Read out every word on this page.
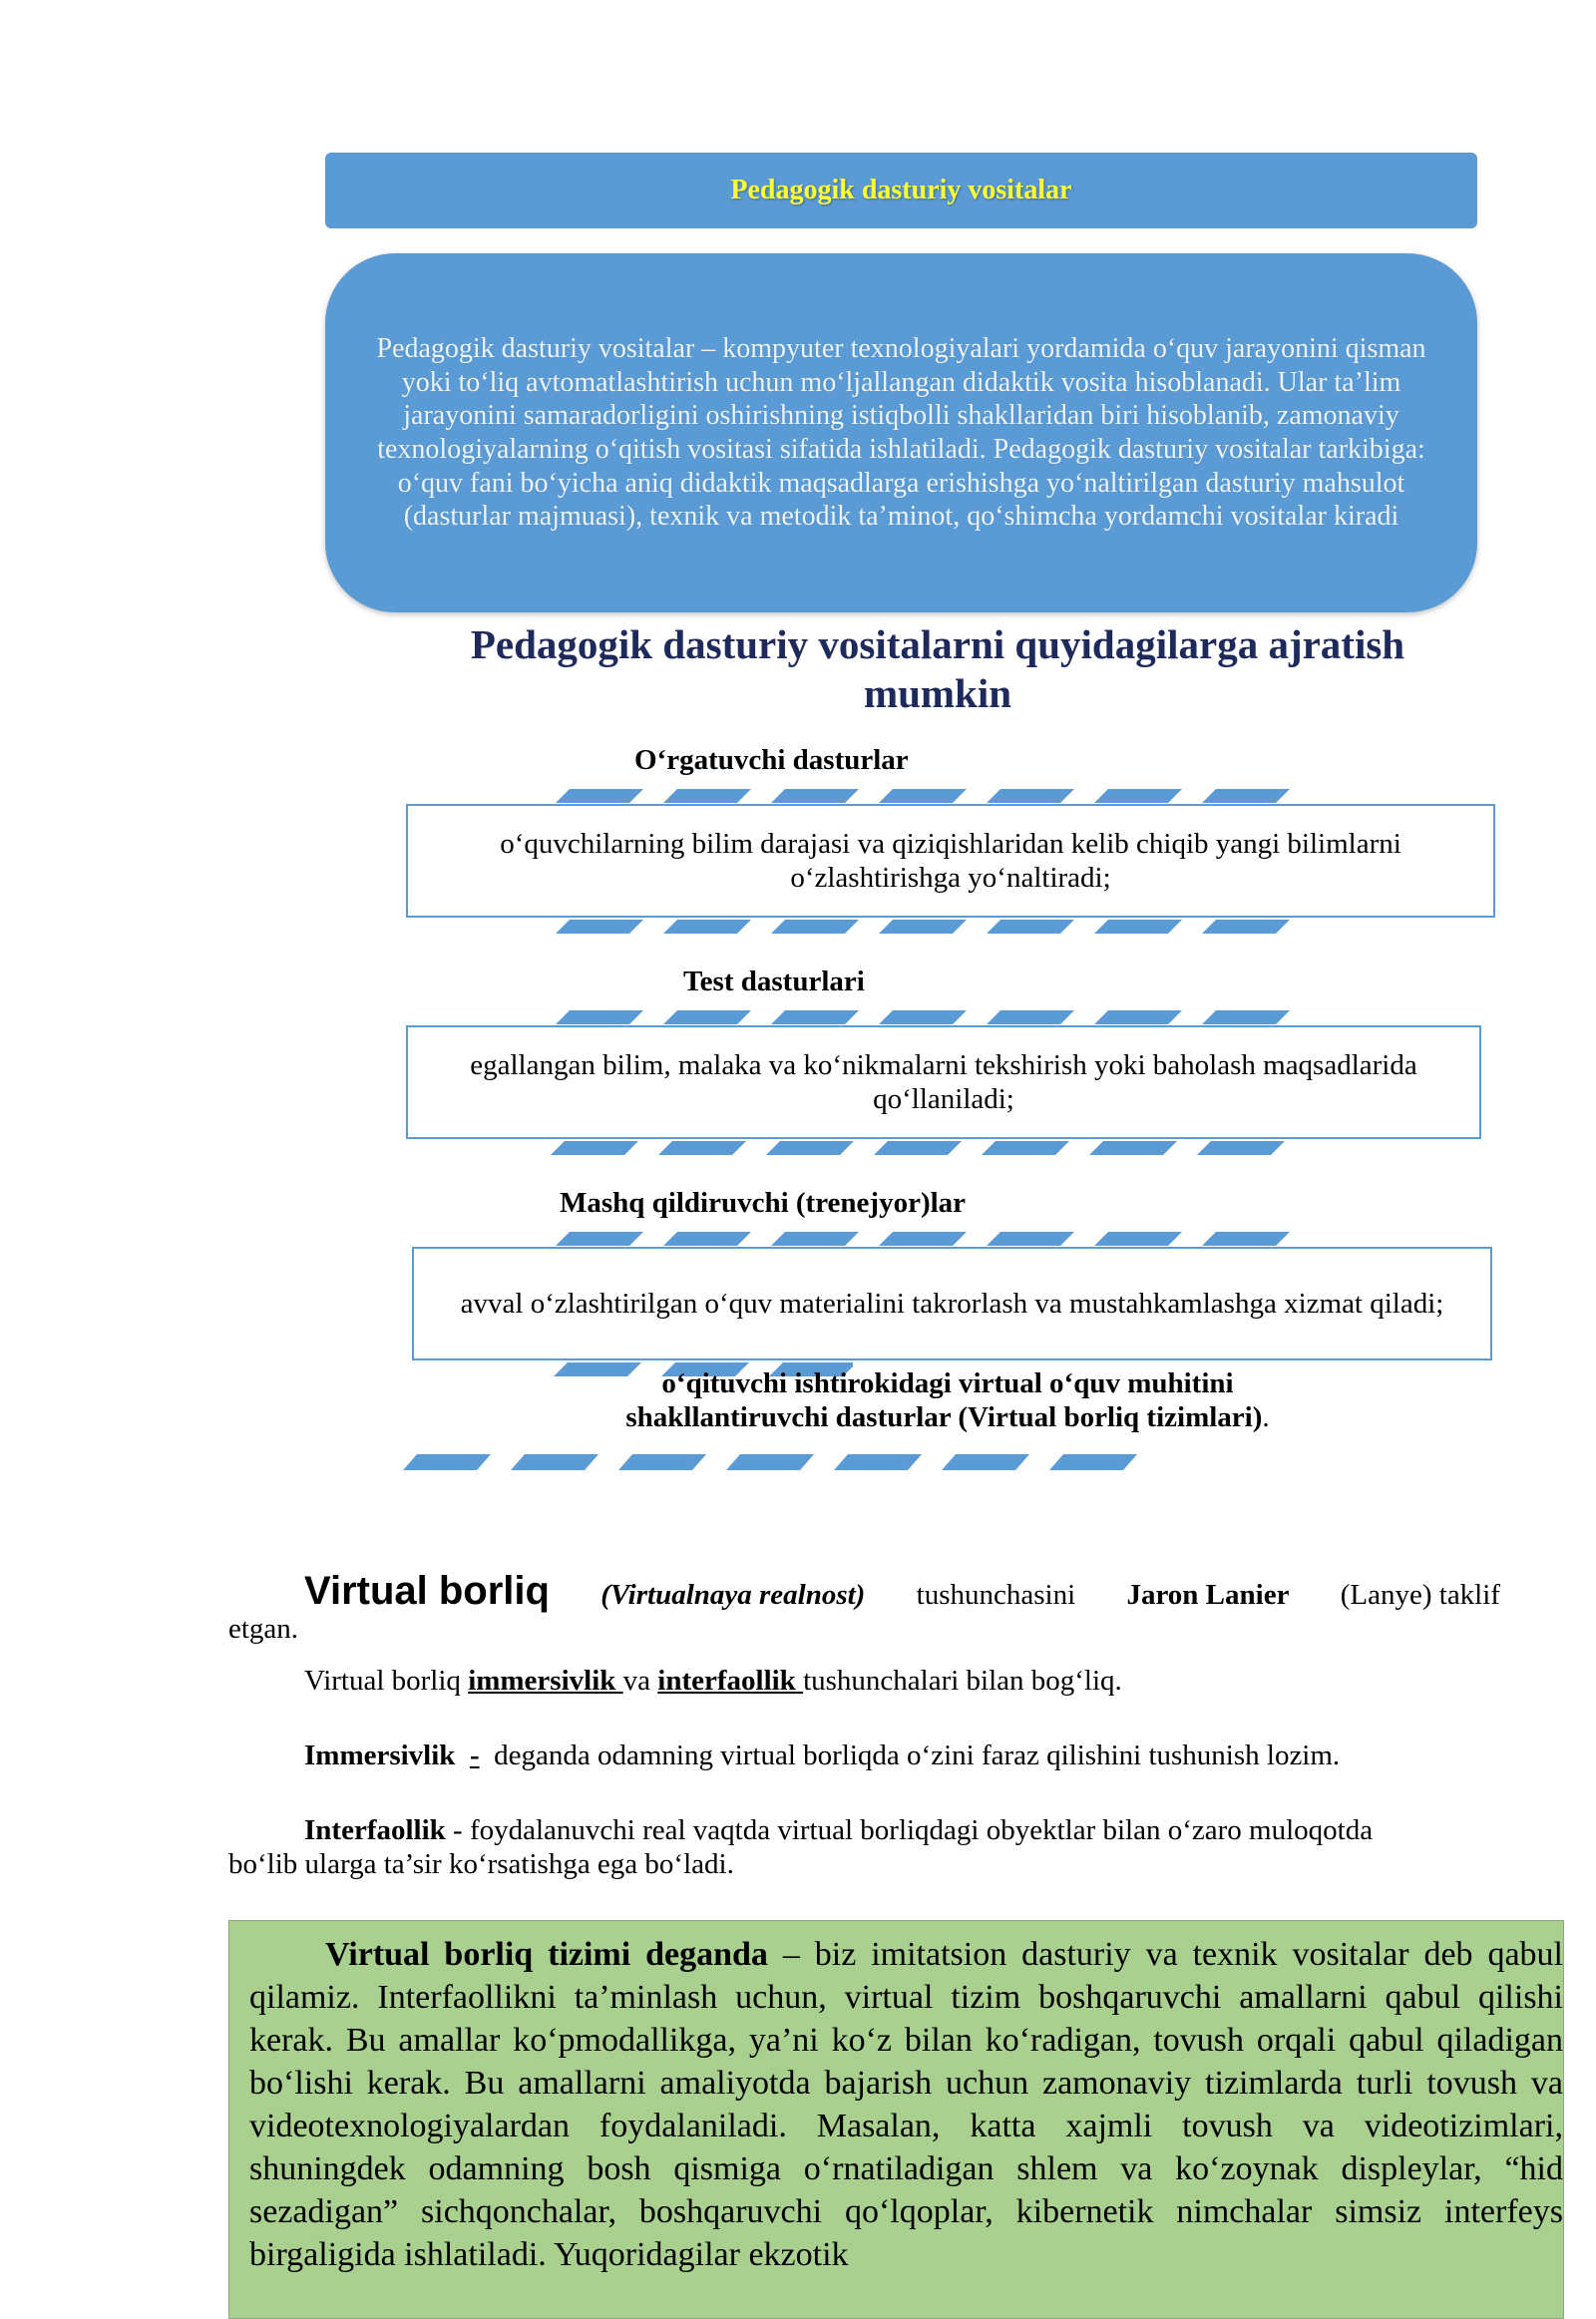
Pedagogik dasturiy vositalar
Pedagogik dasturiy vositalar – kompyuter texnologiyalari yordamida o‘quv jarayonini qisman yoki to‘liq avtomatlashtirish uchun mo‘ljallangan didaktik vosita hisoblanadi. Ular ta’lim jarayonini samaradorligini oshirishning istiqbolli shakllaridan biri hisoblanib, zamonaviy texnologiyalarning o‘qitish vositasi sifatida ishlatiladi. Pedagogik dasturiy vositalar tarkibiga: o‘quv fani bo‘yicha aniq didaktik maqsadlarga erishishga yo‘naltirilgan dasturiy mahsulot (dasturlar majmuasi), texnik va metodik ta’minot, qo‘shimcha yordamchi vositalar kiradi
Pedagogik dasturiy vositalarni quyidagilarga ajratish mumkin
O‘rgatuvchi dasturlar
o‘quvchilarning bilim darajasi va qiziqishlaridan kelib chiqib yangi bilimlarni o‘zlashtirishga yo‘naltiradi;
Test dasturlari
egallangan bilim, malaka va ko‘nikmalarni tekshirish yoki baholash maqsadlarida qo‘llaniladi;
Mashq qildiruvchi (trenejyor)lar
avval o‘zlashtirilgan o‘quv materialini takrorlash va mustahkamlashga xizmat qiladi;
o‘qituvchi ishtirokidagi virtual o‘quv muhitini
shakllantiruvchi dasturlar (Virtual borliq tizimlari).
Virtual borliq (Virtualnaya realnost) tushunchasini Jaron Lanier (Lanye) taklif
etgan.
Virtual borliq immersivlik va interfaollik tushunchalari bilan bog‘liq.
Immersivlik - deganda odamning virtual borliqda o‘zini faraz qilishini tushunish lozim.
Interfaollik - foydalanuvchi real vaqtda virtual borliqdagi obyektlar bilan o‘zaro muloqotda
bo‘lib ularga ta’sir ko‘rsatishga ega bo‘ladi.

Virtual borliq tizimi deganda – biz imitatsion dasturiy va texnik vositalar deb qabul qilamiz. Interfaollikni ta’minlash uchun, virtual tizim boshqaruvchi amallarni qabul qilishi kerak. Bu amallar ko‘pmodallikga, ya’ni ko‘z bilan ko‘radigan, tovush orqali qabul qiladigan bo‘lishi kerak. Bu amallarni amaliyotda bajarish uchun zamonaviy tizimlarda turli tovush va videotexnologiyalardan foydalaniladi. Masalan, katta xajmli tovush va videotizimlari, shuningdek odamning bosh qismiga o‘rnatiladigan shlem va ko‘zoynak displeylar, “hid sezadigan” sichqonchalar, boshqaruvchi qo‘lqoplar, kibernetik nimchalar simsiz interfeys birgaligida ishlatiladi. Yuqoridagilar ekzotik
